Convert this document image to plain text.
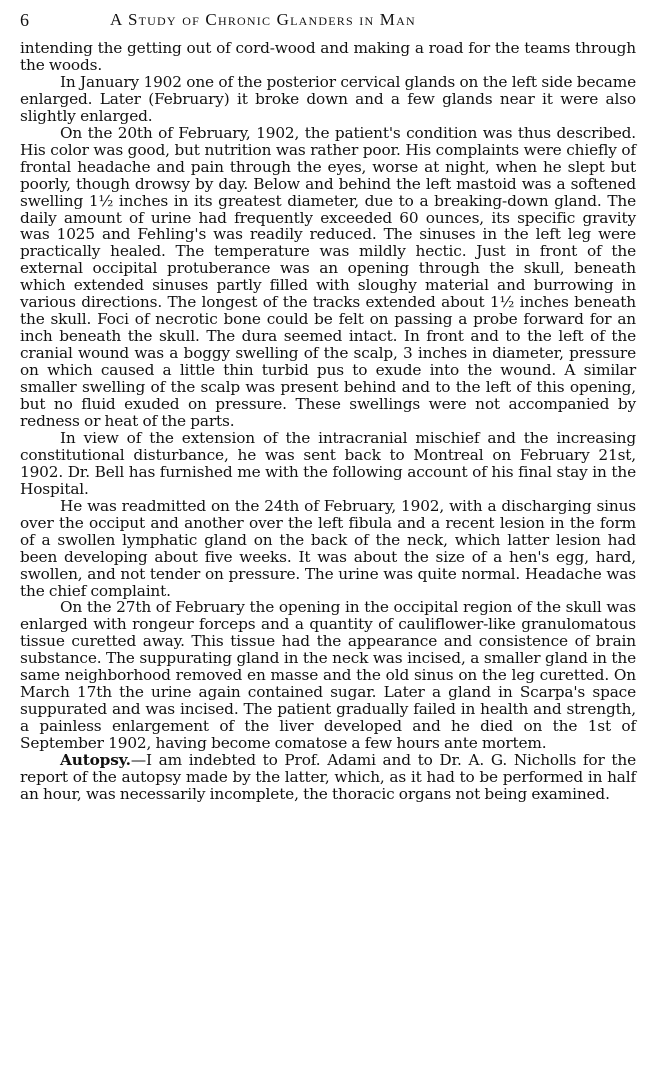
6	A Study of Chronic Glanders in Man

intending the getting out of cord-wood and making a road for the teams through the woods.

In January 1902 one of the posterior cervical glands on the left side became enlarged. Later (February) it broke down and a few glands near it were also slightly enlarged.

On the 20th of February, 1902, the patient's condition was thus described. His color was good, but nutrition was rather poor. His complaints were chiefly of frontal headache and pain through the eyes, worse at night, when he slept but poorly, though drowsy by day. Below and behind the left mastoid was a softened swelling 1½ inches in its greatest diameter, due to a breaking-down gland. The daily amount of urine had frequently exceeded 60 ounces, its specific gravity was 1025 and Fehling's was readily reduced. The sinuses in the left leg were practically healed. The temperature was mildly hectic. Just in front of the external occipital protuberance was an opening through the skull, beneath which extended sinuses partly filled with sloughy material and burrowing in various directions. The longest of the tracks extended about 1½ inches beneath the skull. Foci of necrotic bone could be felt on passing a probe forward for an inch beneath the skull. The dura seemed intact. In front and to the left of the cranial wound was a boggy swelling of the scalp, 3 inches in diameter, pressure on which caused a little thin turbid pus to exude into the wound. A similar smaller swelling of the scalp was present behind and to the left of this opening, but no fluid exuded on pressure. These swellings were not accompanied by redness or heat of the parts.

In view of the extension of the intracranial mischief and the increasing constitutional disturbance, he was sent back to Montreal on February 21st, 1902. Dr. Bell has furnished me with the following account of his final stay in the Hospital.

He was readmitted on the 24th of February, 1902, with a discharging sinus over the occiput and another over the left fibula and a recent lesion in the form of a swollen lymphatic gland on the back of the neck, which latter lesion had been developing about five weeks. It was about the size of a hen's egg, hard, swollen, and not tender on pressure. The urine was quite normal. Headache was the chief complaint.

On the 27th of February the opening in the occipital region of the skull was enlarged with rongeur forceps and a quantity of cauliflower-like granulomatous tissue curetted away. This tissue had the appearance and consistence of brain substance. The suppurating gland in the neck was incised, a smaller gland in the same neighborhood removed en masse and the old sinus on the leg curetted. On March 17th the urine again contained sugar. Later a gland in Scarpa's space suppurated and was incised. The patient gradually failed in health and strength, a painless enlargement of the liver developed and he died on the 1st of September 1902, having become comatose a few hours ante mortem.

Autopsy.—I am indebted to Prof. Adami and to Dr. A. G. Nicholls for the report of the autopsy made by the latter, which, as it had to be performed in half an hour, was necessarily incomplete, the thoracic organs not being examined.
